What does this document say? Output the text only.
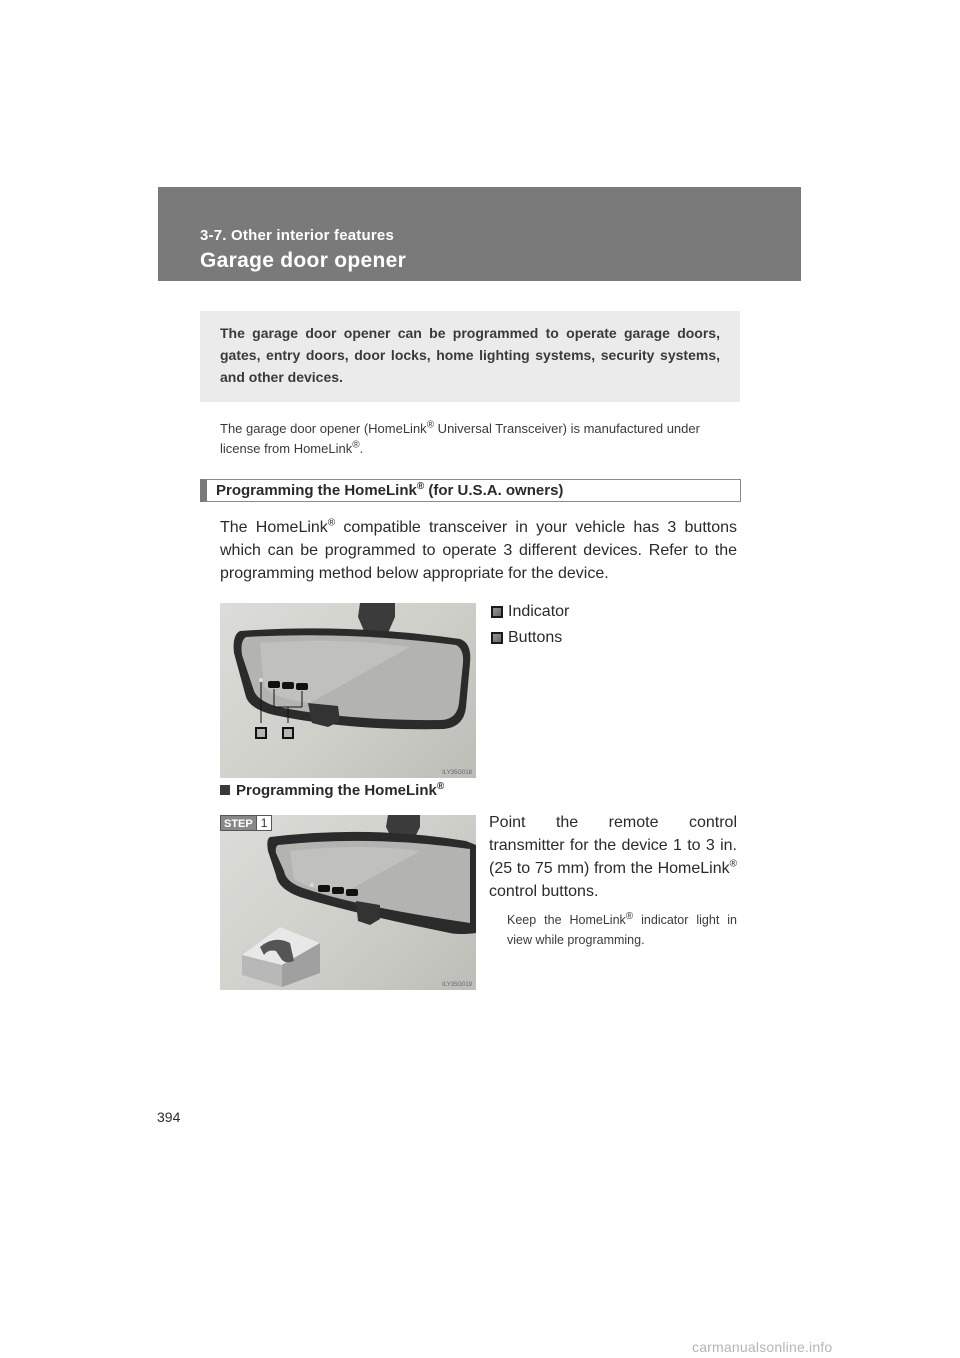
3-7. Other interior features
Garage door opener

The garage door opener can be programmed to operate garage doors, gates, entry doors, door locks, home lighting systems, security systems, and other devices.

The garage door opener (HomeLink® Universal Transceiver) is manufactured under license from HomeLink®.

Programming the HomeLink® (for U.S.A. owners)

The HomeLink® compatible transceiver in your vehicle has 3 buttons which can be programmed to operate 3 different devices. Refer to the programming method below appropriate for the device.

ILY35G018
Indicator
Buttons
Programming the HomeLink®
ILY35G019
STEP 1	Point the remote control transmitter for the device 1 to 3 in. (25 to 75 mm) from the HomeLink® control buttons.

Keep the HomeLink® indicator light in view while programming.

394
carmanualsonline.info
